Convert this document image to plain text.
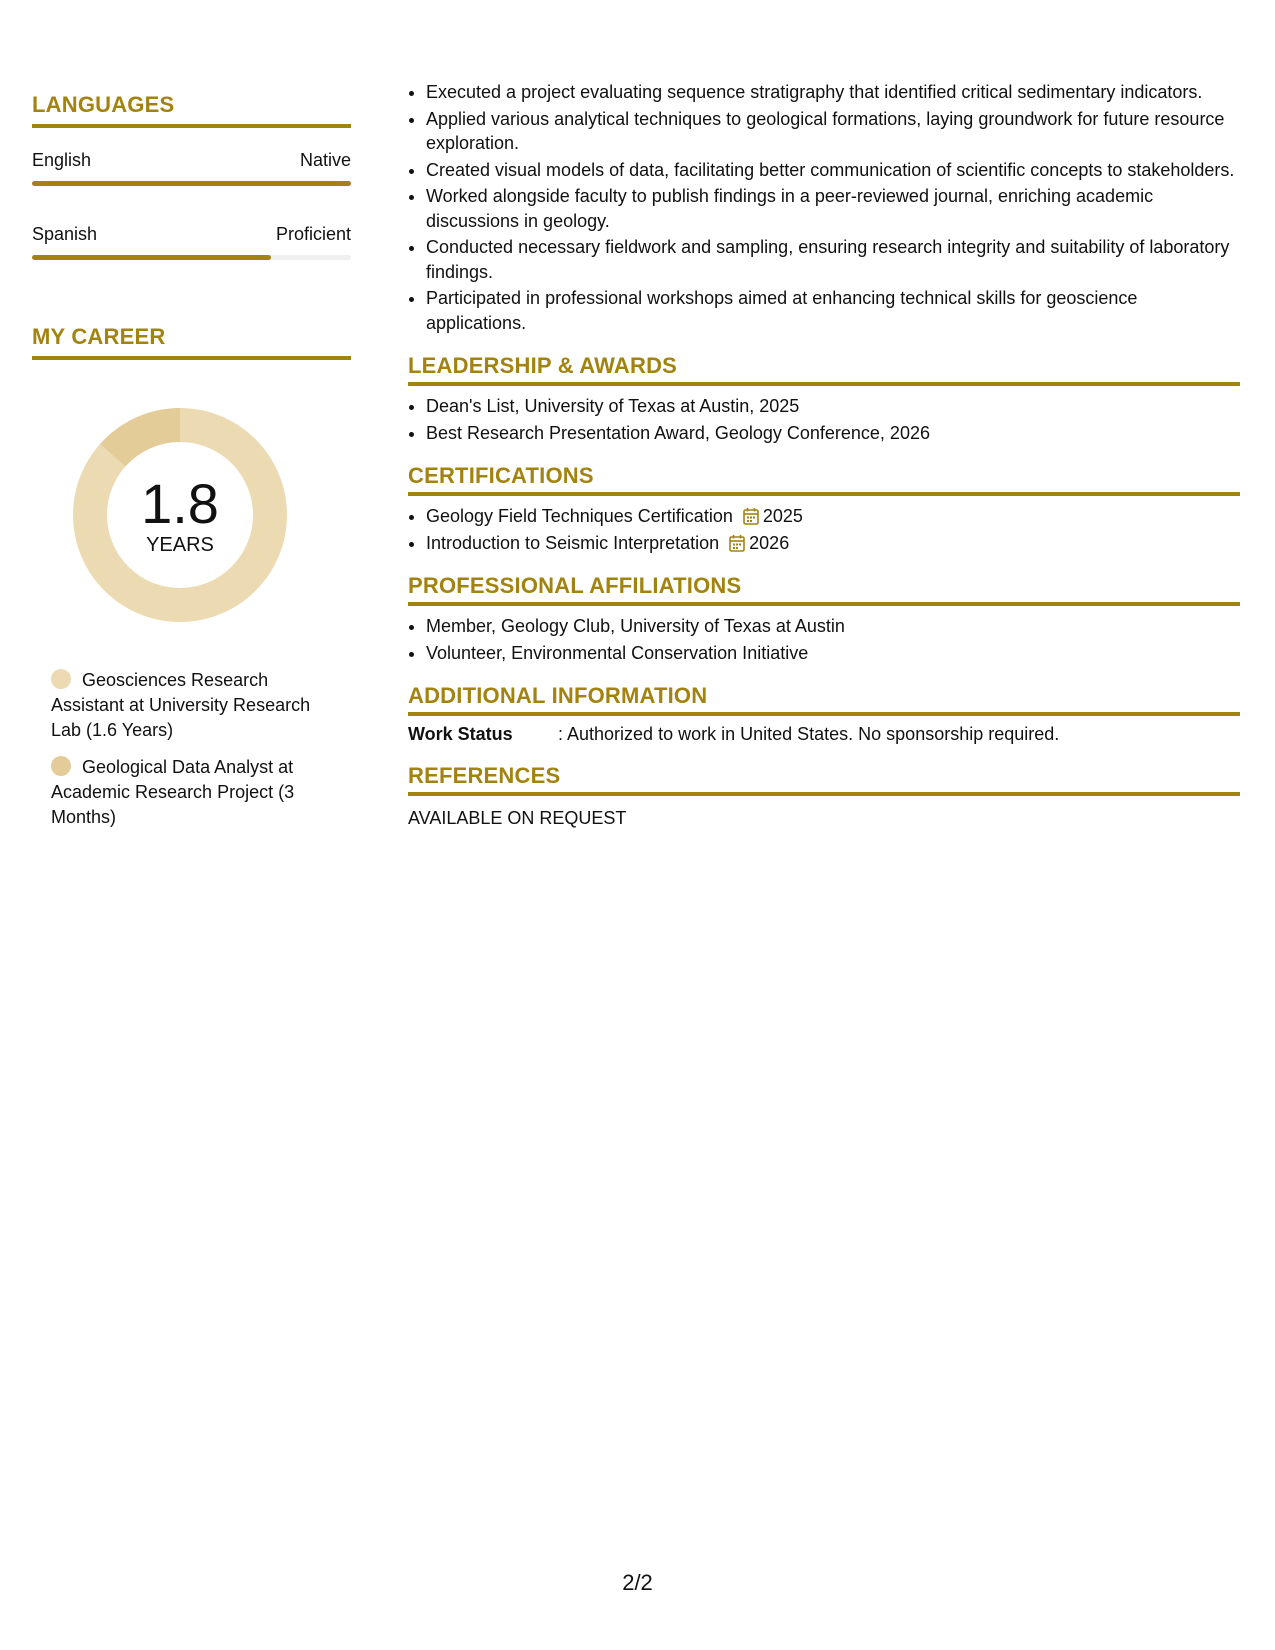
LANGUAGES
English	Native
Spanish	Proficient
MY CAREER
1.8
YEARS
Geosciences Research Assistant at University Research Lab (1.6 Years)
Geological Data Analyst at Academic Research Project (3 Months)
• Executed a project evaluating sequence stratigraphy that identified critical sedimentary indicators.
• Applied various analytical techniques to geological formations, laying groundwork for future resource exploration.
• Created visual models of data, facilitating better communication of scientific concepts to stakeholders.
• Worked alongside faculty to publish findings in a peer-reviewed journal, enriching academic discussions in geology.
• Conducted necessary fieldwork and sampling, ensuring research integrity and suitability of laboratory findings.
• Participated in professional workshops aimed at enhancing technical skills for geoscience applications.
LEADERSHIP & AWARDS
• Dean's List, University of Texas at Austin, 2025
• Best Research Presentation Award, Geology Conference, 2026
CERTIFICATIONS
• Geology Field Techniques Certification 2025
• Introduction to Seismic Interpretation 2026
PROFESSIONAL AFFILIATIONS
• Member, Geology Club, University of Texas at Austin
• Volunteer, Environmental Conservation Initiative
ADDITIONAL INFORMATION
Work Status	: Authorized to work in United States. No sponsorship required.
REFERENCES
AVAILABLE ON REQUEST
2/2
